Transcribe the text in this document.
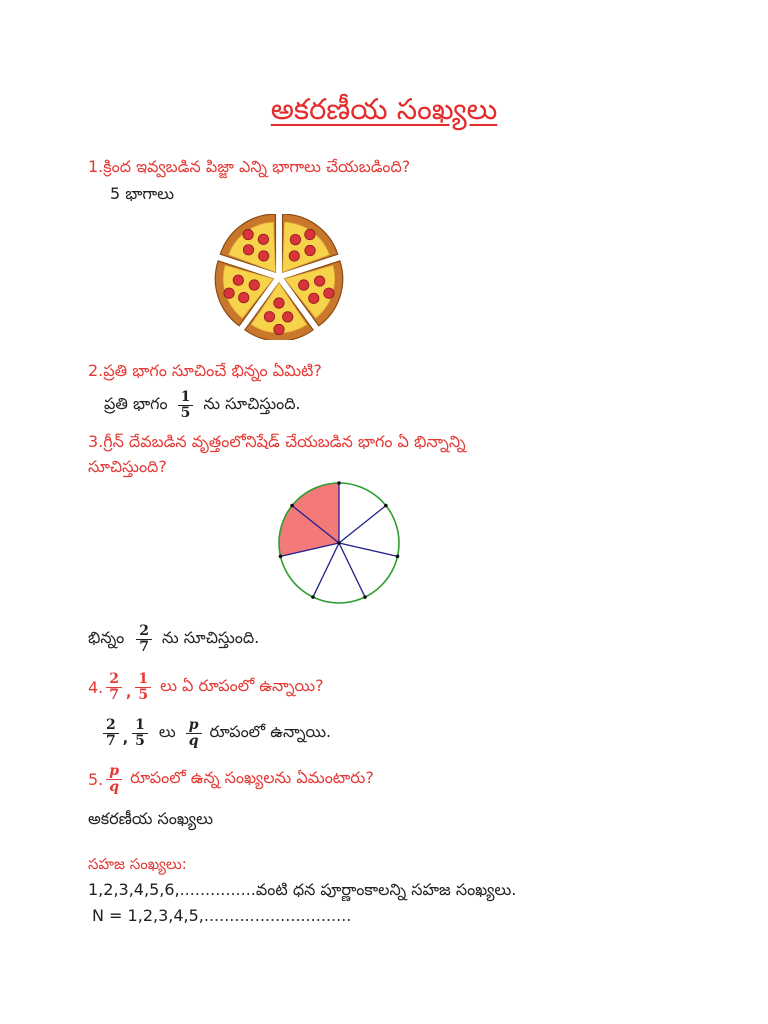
అకరణీయ సంఖ్యలు
1.క్రింద ఇవ్వబడిన పిజ్జా ఎన్ని భాగాలు చేయబడింది?
5 భాగాలు
2.ప్రతి భాగం సూచించే భిన్నం ఏమిటి?
ప్రతి భాగం $\frac{1}{5}$ ను సూచిస్తుంది.
3.గ్రీన్ దేవబడిన వృత్తంలోనిషేడ్ చేయబడిన భాగం ఏ భిన్నాన్ని
సూచిస్తుంది?
భిన్నం $\frac{2}{7}$ ను సూచిస్తుంది.
4. $\frac{2}{7}$ , $\frac{1}{5}$ లు ఏ రూపంలో ఉన్నాయి?
$\frac{2}{7}$ , $\frac{1}{5}$ లు $\frac{p}{q}$ రూపంలో ఉన్నాయి.
5. $\frac{p}{q}$ రూపంలో ఉన్న సంఖ్యలను ఏమంటారు?
అకరణీయ సంఖ్యలు
సహజ సంఖ్యలు:
1,2,3,4,5,6,...............వంటి ధన పూర్ణాంకాలన్ని సహజ సంఖ్యలు.
N = 1,2,3,4,5,.............................
